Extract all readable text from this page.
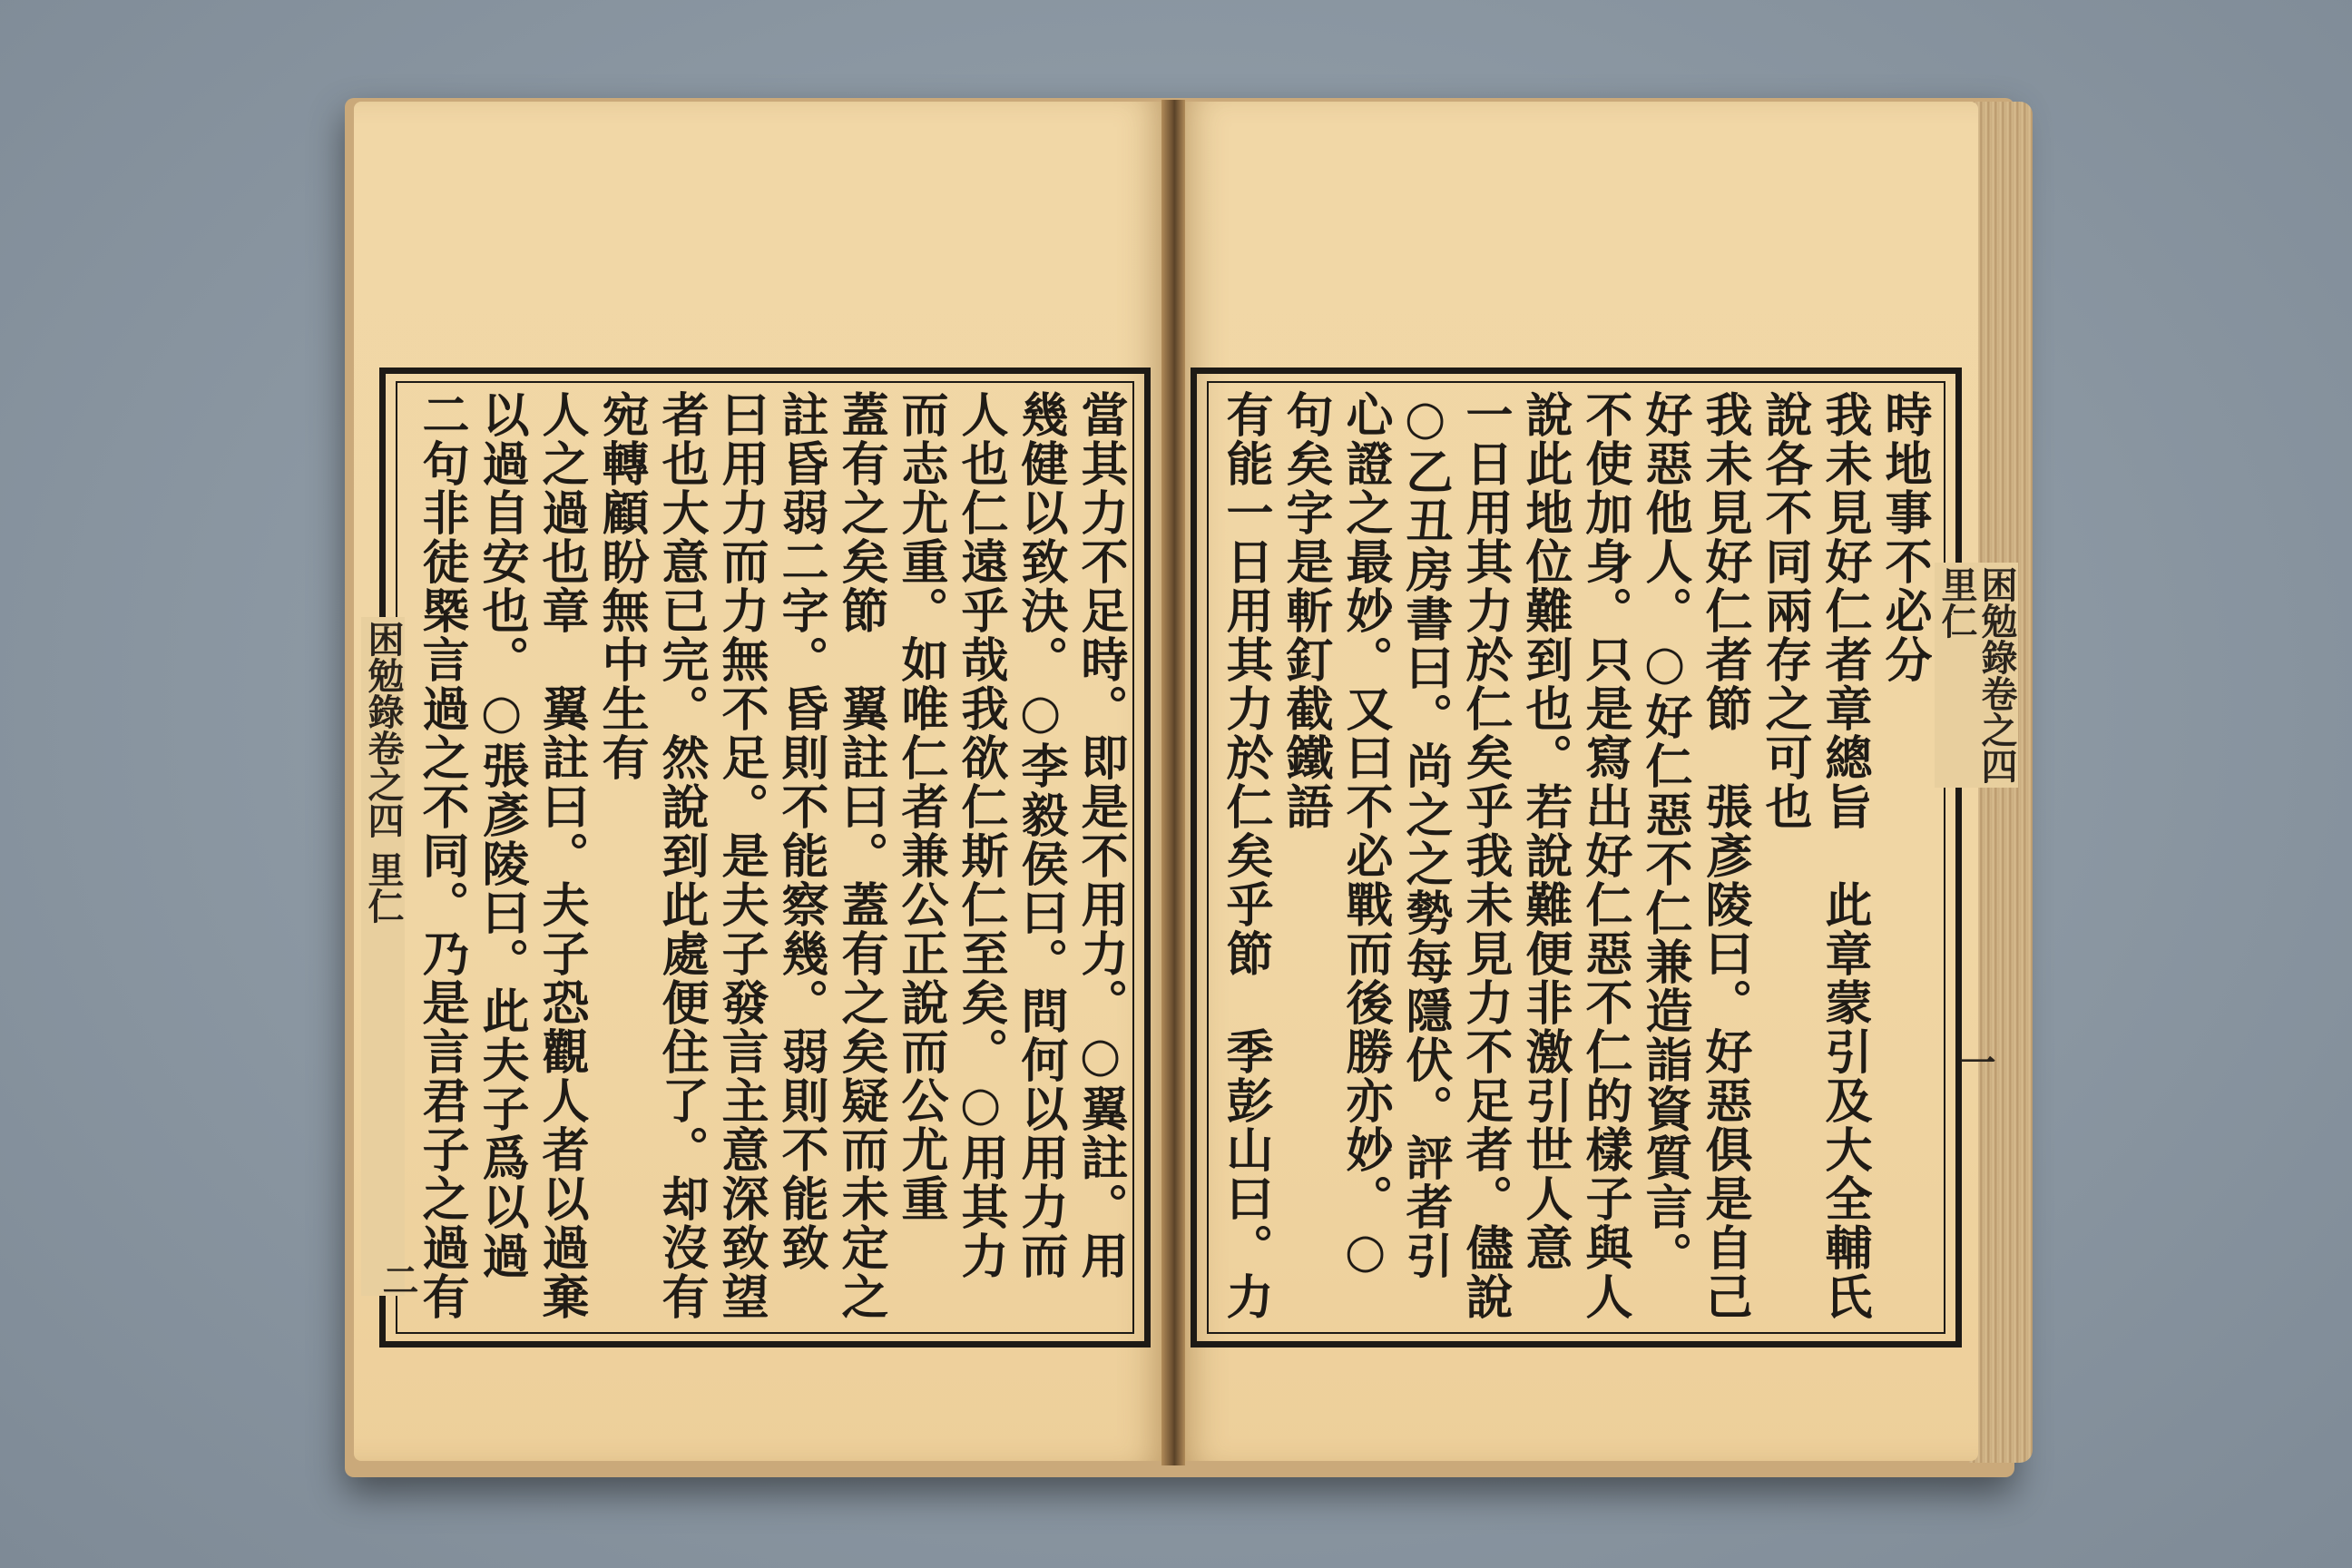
困勉錄卷之四 里仁
二
困勉錄卷之四 里仁
一
當其力不足時。即是不用力。○翼註。用
幾健以致決。○李毅侯曰。問何以用力而
人也仁遠乎哉我欲仁斯仁至矣。○用其力
而志尤重。如唯仁者兼公正說而公尤重
蓋有之矣節　翼註曰。蓋有之矣疑而未定之
註昏弱二字。昏則不能察幾。弱則不能致
曰用力而力無不足。是夫子發言主意深致望
者也大意已完。然說到此處便住了。却沒有
宛轉顧盼無中生有
人之過也章　翼註曰。夫子恐觀人者以過棄
以過自安也。○張彥陵曰。此夫子爲以過
二句非徒槩言過之不同。乃是言君子之過有
時地事不必分
我未見好仁者章總旨　此章蒙引及大全輔氏
說各不同兩存之可也
我未見好仁者節　張彥陵曰。好惡俱是自己
好惡他人。○好仁惡不仁兼造詣資質言。
不使加身。只是寫出好仁惡不仁的樣子與人
說此地位難到也。若說難便非激引世人意
一日用其力於仁矣乎我未見力不足者。儘說
○乙丑房書曰。尚之之勢每隱伏。評者引
心證之最妙。又曰不必戰而後勝亦妙。○
句矣字是斬釘截鐵語
有能一日用其力於仁矣乎節　季彭山曰。力
